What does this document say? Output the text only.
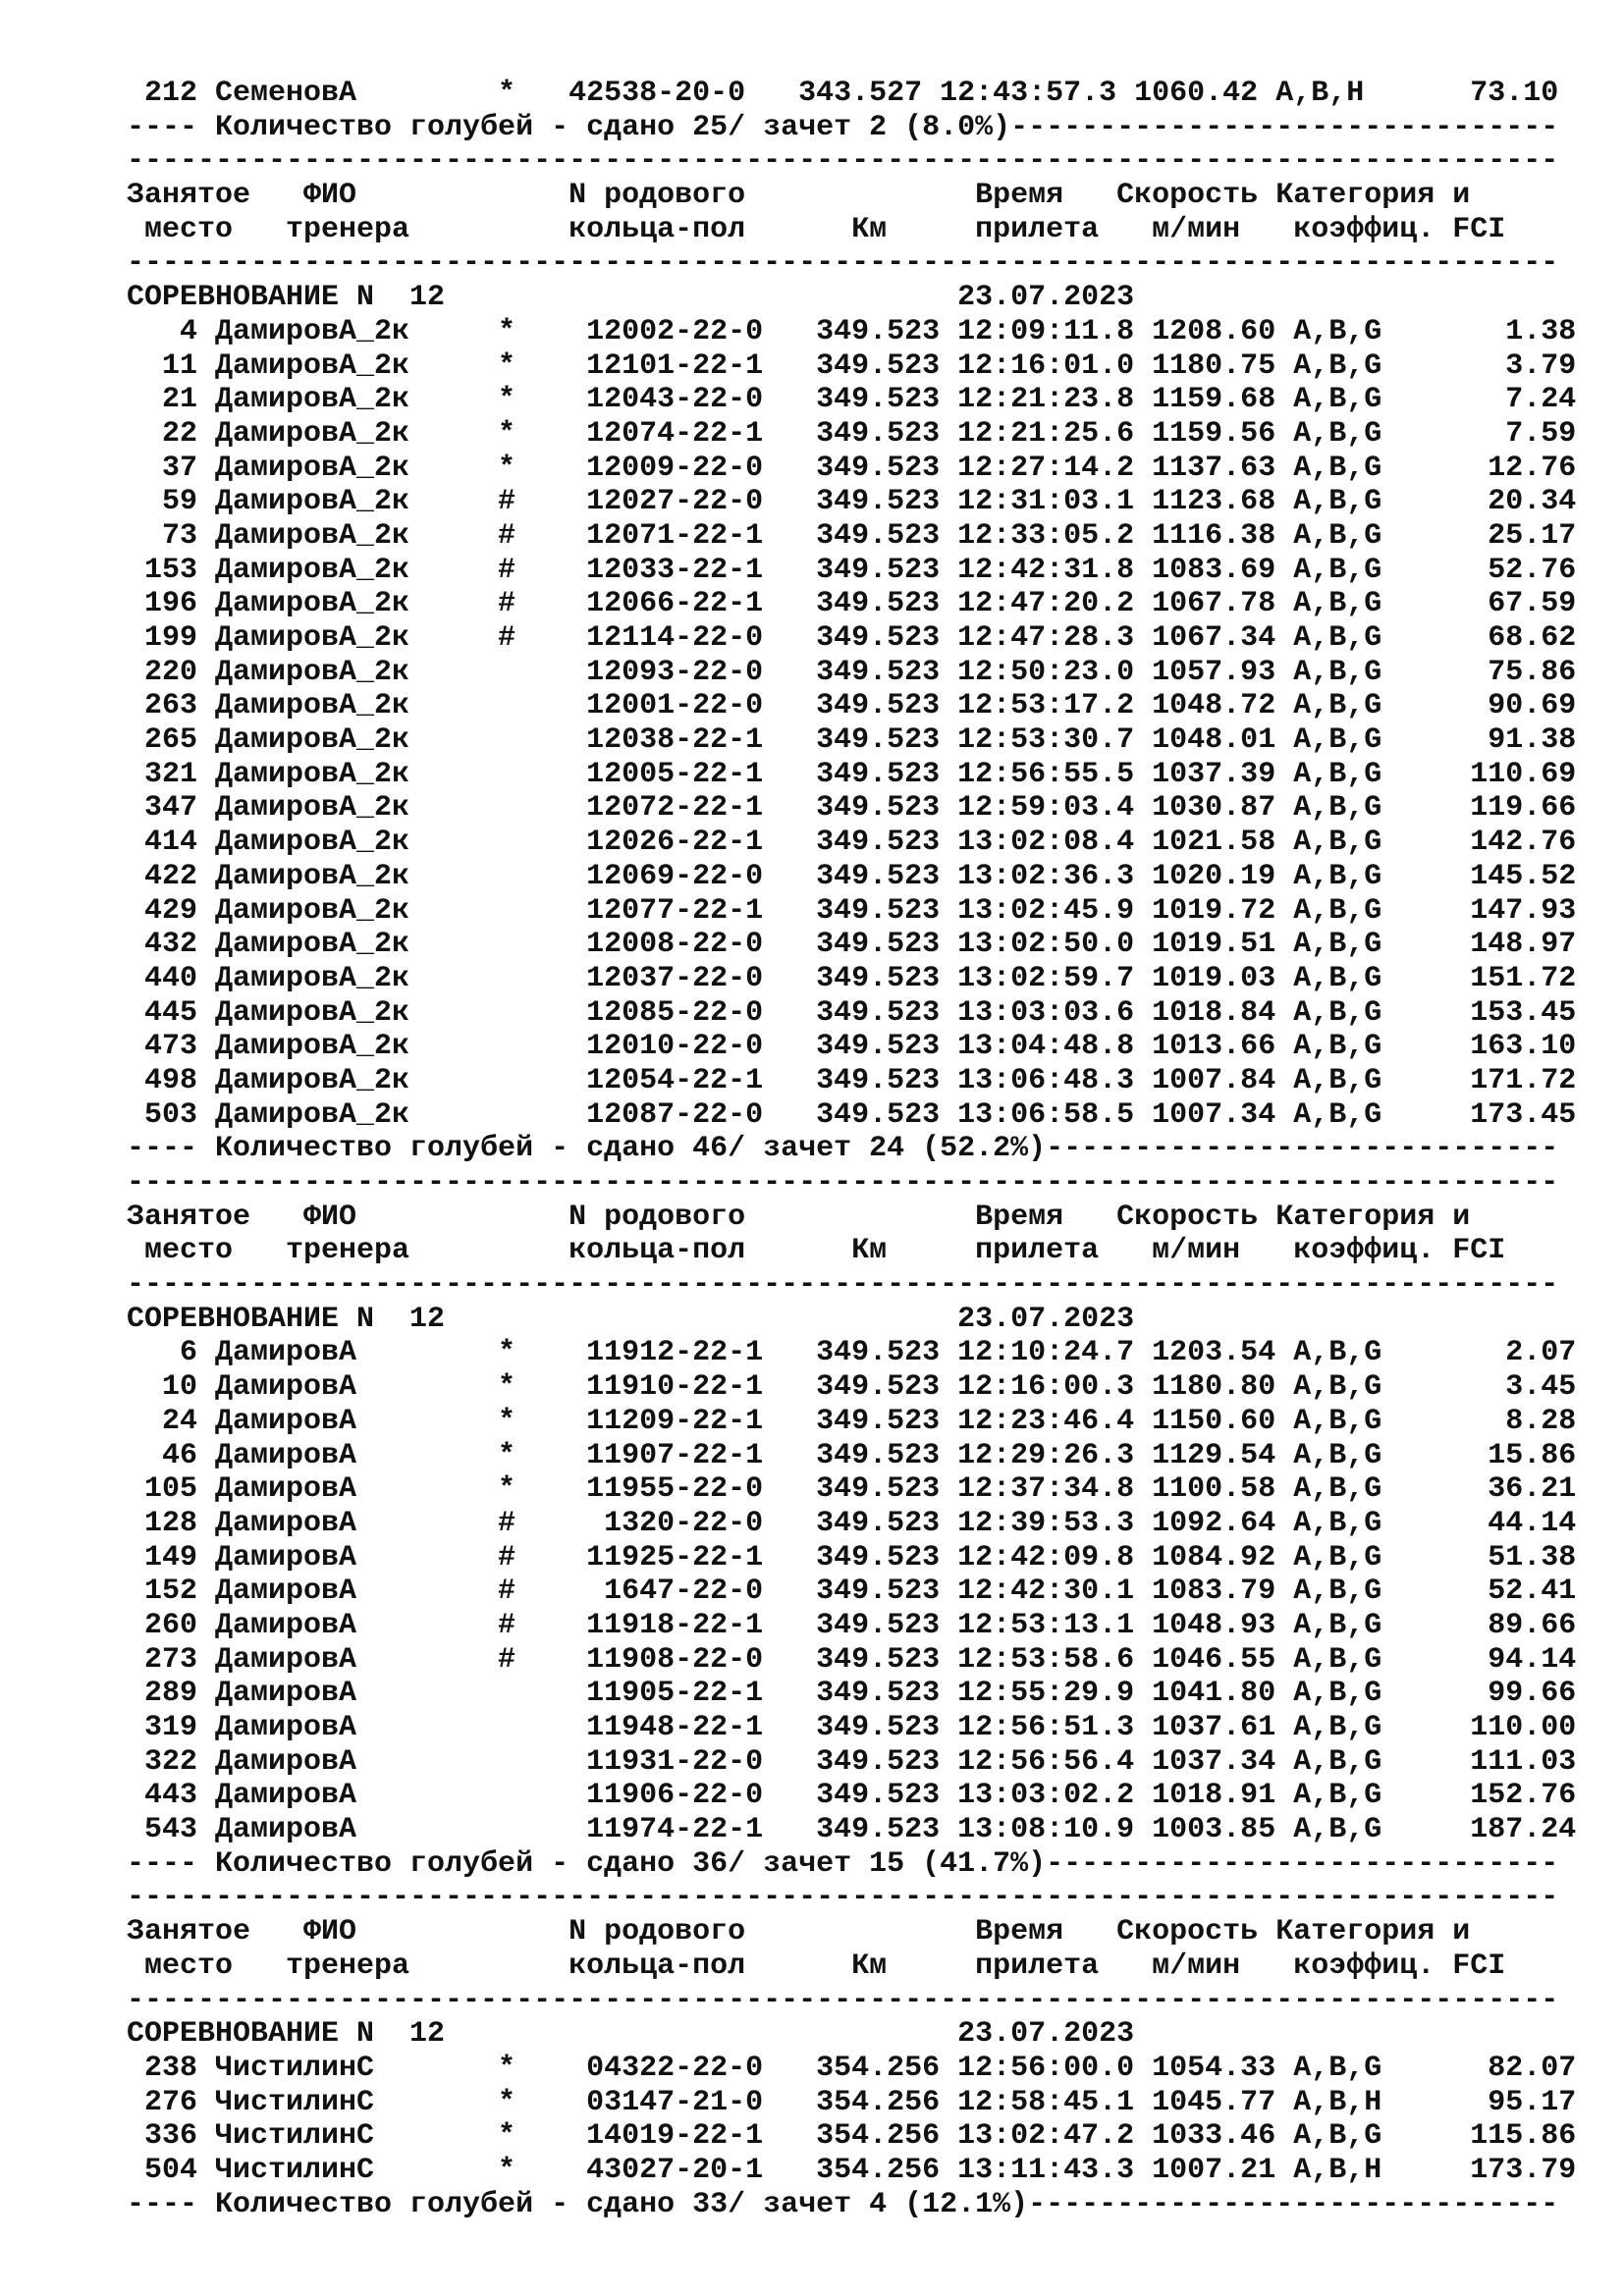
212 СеменовА        *   42538-20-0   343.527 12:43:57.3 1060.42 A,B,H      73.10
---- Количество голубей - сдано 25/ зачет 2 (8.0%)-------------------------------
---------------------------------------------------------------------------------
Занятое   ФИО            N родового             Время   Скорость Категория и
место   тренера         кольца-пол      Км     прилета   м/мин   коэффиц. FCI
---------------------------------------------------------------------------------
СОРЕВНОВАНИЕ N  12                             23.07.2023
4 ДамировА_2к     *    12002-22-0   349.523 12:09:11.8 1208.60 A,B,G       1.38
11 ДамировА_2к     *    12101-22-1   349.523 12:16:01.0 1180.75 A,B,G       3.79
21 ДамировА_2к     *    12043-22-0   349.523 12:21:23.8 1159.68 A,B,G       7.24
22 ДамировА_2к     *    12074-22-1   349.523 12:21:25.6 1159.56 A,B,G       7.59
37 ДамировА_2к     *    12009-22-0   349.523 12:27:14.2 1137.63 A,B,G      12.76
59 ДамировА_2к     #    12027-22-0   349.523 12:31:03.1 1123.68 A,B,G      20.34
73 ДамировА_2к     #    12071-22-1   349.523 12:33:05.2 1116.38 A,B,G      25.17
153 ДамировА_2к     #    12033-22-1   349.523 12:42:31.8 1083.69 A,B,G      52.76
196 ДамировА_2к     #    12066-22-1   349.523 12:47:20.2 1067.78 A,B,G      67.59
199 ДамировА_2к     #    12114-22-0   349.523 12:47:28.3 1067.34 A,B,G      68.62
220 ДамировА_2к          12093-22-0   349.523 12:50:23.0 1057.93 A,B,G      75.86
263 ДамировА_2к          12001-22-0   349.523 12:53:17.2 1048.72 A,B,G      90.69
265 ДамировА_2к          12038-22-1   349.523 12:53:30.7 1048.01 A,B,G      91.38
321 ДамировА_2к          12005-22-1   349.523 12:56:55.5 1037.39 A,B,G     110.69
347 ДамировА_2к          12072-22-1   349.523 12:59:03.4 1030.87 A,B,G     119.66
414 ДамировА_2к          12026-22-1   349.523 13:02:08.4 1021.58 A,B,G     142.76
422 ДамировА_2к          12069-22-0   349.523 13:02:36.3 1020.19 A,B,G     145.52
429 ДамировА_2к          12077-22-1   349.523 13:02:45.9 1019.72 A,B,G     147.93
432 ДамировА_2к          12008-22-0   349.523 13:02:50.0 1019.51 A,B,G     148.97
440 ДамировА_2к          12037-22-0   349.523 13:02:59.7 1019.03 A,B,G     151.72
445 ДамировА_2к          12085-22-0   349.523 13:03:03.6 1018.84 A,B,G     153.45
473 ДамировА_2к          12010-22-0   349.523 13:04:48.8 1013.66 A,B,G     163.10
498 ДамировА_2к          12054-22-1   349.523 13:06:48.3 1007.84 A,B,G     171.72
503 ДамировА_2к          12087-22-0   349.523 13:06:58.5 1007.34 A,B,G     173.45
---- Количество голубей - сдано 46/ зачет 24 (52.2%)-----------------------------
---------------------------------------------------------------------------------
Занятое   ФИО            N родового             Время   Скорость Категория и
место   тренера         кольца-пол      Км     прилета   м/мин   коэффиц. FCI
---------------------------------------------------------------------------------
СОРЕВНОВАНИЕ N  12                             23.07.2023
6 ДамировА        *    11912-22-1   349.523 12:10:24.7 1203.54 A,B,G       2.07
10 ДамировА        *    11910-22-1   349.523 12:16:00.3 1180.80 A,B,G       3.45
24 ДамировА        *    11209-22-1   349.523 12:23:46.4 1150.60 A,B,G       8.28
46 ДамировА        *    11907-22-1   349.523 12:29:26.3 1129.54 A,B,G      15.86
105 ДамировА        *    11955-22-0   349.523 12:37:34.8 1100.58 A,B,G      36.21
128 ДамировА        #     1320-22-0   349.523 12:39:53.3 1092.64 A,B,G      44.14
149 ДамировА        #    11925-22-1   349.523 12:42:09.8 1084.92 A,B,G      51.38
152 ДамировА        #     1647-22-0   349.523 12:42:30.1 1083.79 A,B,G      52.41
260 ДамировА        #    11918-22-1   349.523 12:53:13.1 1048.93 A,B,G      89.66
273 ДамировА        #    11908-22-0   349.523 12:53:58.6 1046.55 A,B,G      94.14
289 ДамировА             11905-22-1   349.523 12:55:29.9 1041.80 A,B,G      99.66
319 ДамировА             11948-22-1   349.523 12:56:51.3 1037.61 A,B,G     110.00
322 ДамировА             11931-22-0   349.523 12:56:56.4 1037.34 A,B,G     111.03
443 ДамировА             11906-22-0   349.523 13:03:02.2 1018.91 A,B,G     152.76
543 ДамировА             11974-22-1   349.523 13:08:10.9 1003.85 A,B,G     187.24
---- Количество голубей - сдано 36/ зачет 15 (41.7%)-----------------------------
---------------------------------------------------------------------------------
Занятое   ФИО            N родового             Время   Скорость Категория и
место   тренера         кольца-пол      Км     прилета   м/мин   коэффиц. FCI
---------------------------------------------------------------------------------
СОРЕВНОВАНИЕ N  12                             23.07.2023
238 ЧистилинС       *    04322-22-0   354.256 12:56:00.0 1054.33 A,B,G      82.07
276 ЧистилинС       *    03147-21-0   354.256 12:58:45.1 1045.77 A,B,H      95.17
336 ЧистилинС       *    14019-22-1   354.256 13:02:47.2 1033.46 A,B,G     115.86
504 ЧистилинС       *    43027-20-1   354.256 13:11:43.3 1007.21 A,B,H     173.79
---- Количество голубей - сдано 33/ зачет 4 (12.1%)------------------------------
